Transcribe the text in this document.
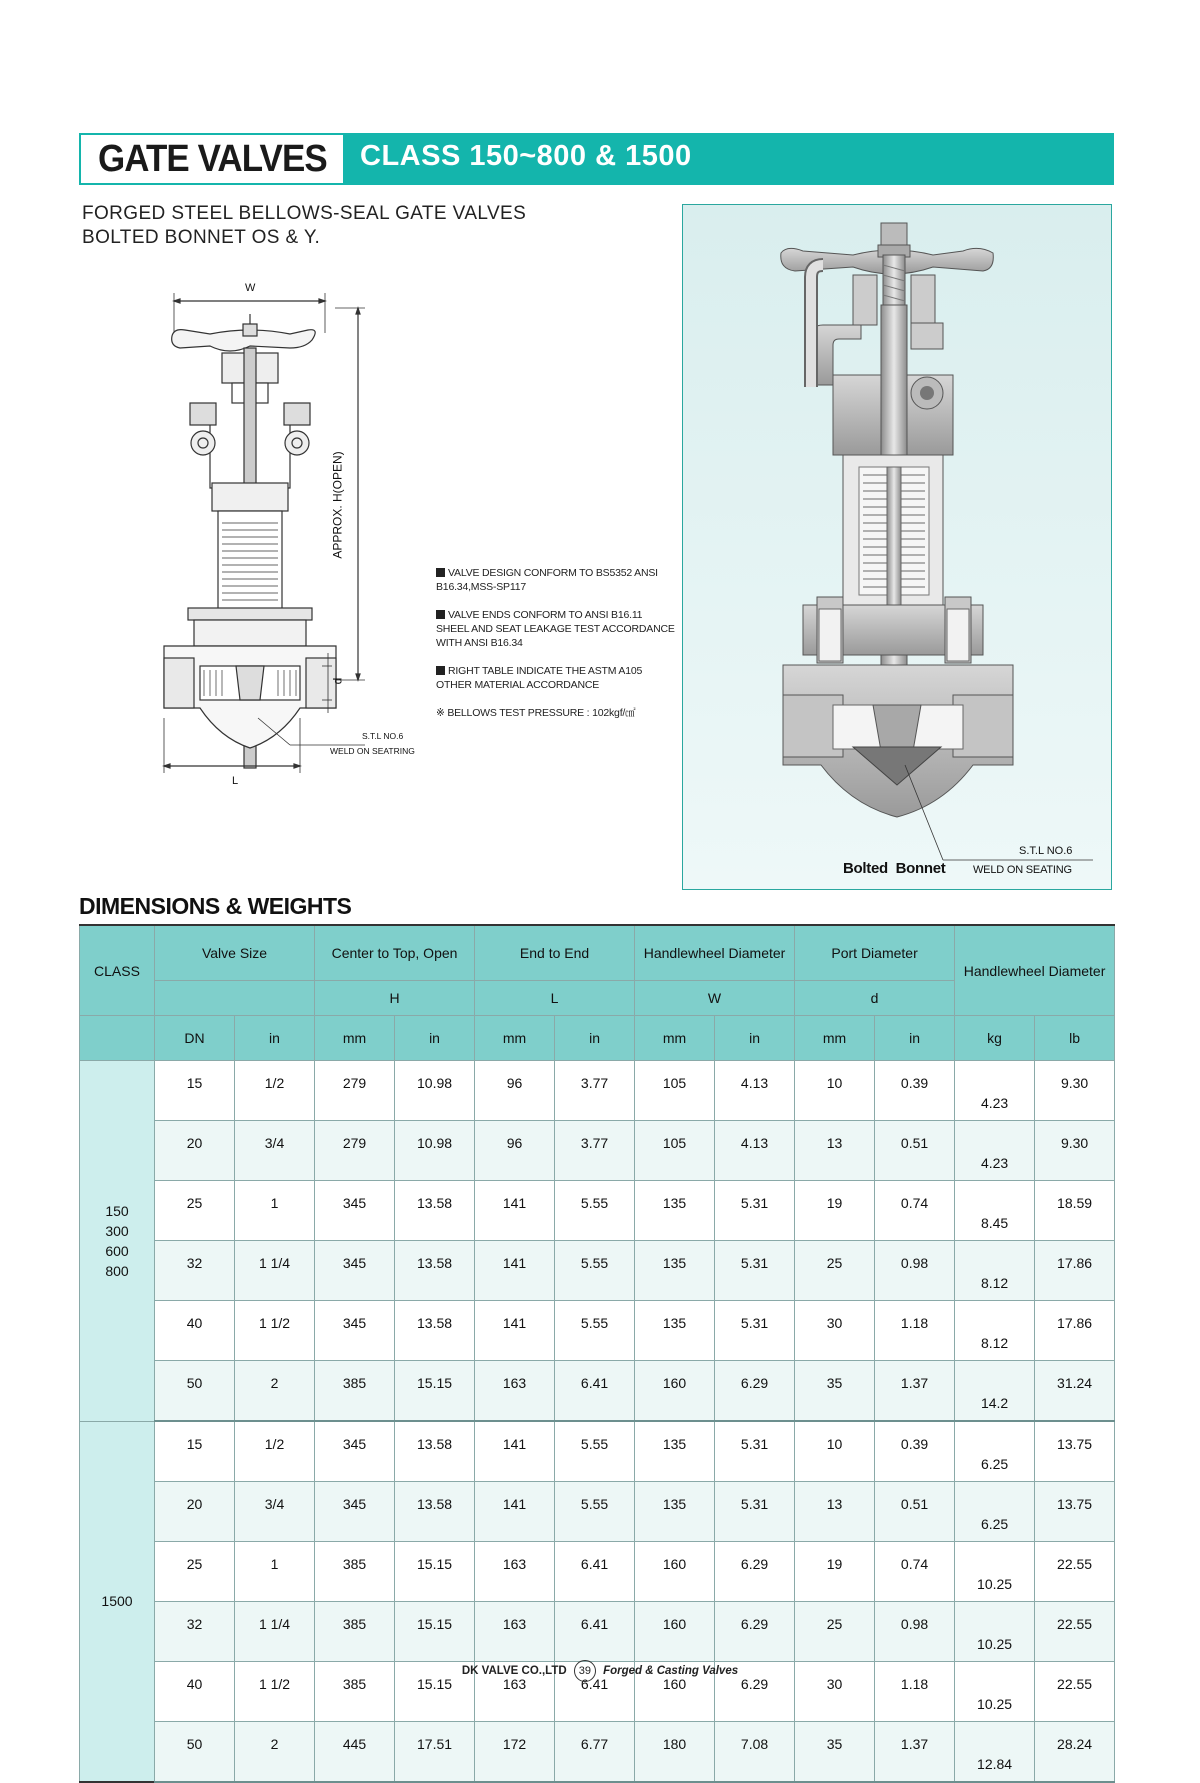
GATE VALVES CLASS 150~800 & 1500
FORGED STEEL BELLOWS-SEAL GATE VALVES
BOLTED BONNET OS & Y.
W
APPROX. H(OPEN)
d
L
S.T.L NO.6
WELD ON SEATRING
VALVE DESIGN CONFORM TO BS5352 ANSI B16.34,MSS-SP117
VALVE ENDS CONFORM TO ANSI B16.11 SHEEL AND SEAT LEAKAGE TEST ACCORDANCE WITH ANSI B16.34
RIGHT TABLE INDICATE THE ASTM A105 OTHER MATERIAL ACCORDANCE
※ BELLOWS TEST PRESSURE : 102kgf/㎠
S.T.L NO.6
WELD ON SEATING
Bolted  Bonnet
DIMENSIONS & WEIGHTS
CLASS	Valve Size		Center to Top, Open		End to End		Handlewheel Diameter		Port Diameter		Handlewheel Diameter	
			H		L		W		d			
	DN	in	mm	in	mm	in	mm	in	mm	in	kg	lb
150
300
600
800	15	1/2	279	10.98	96	3.77	105	4.13	10	0.39	4.23	9.30
	20	3/4	279	10.98	96	3.77	105	4.13	13	0.51	4.23	9.30
	25	1	345	13.58	141	5.55	135	5.31	19	0.74	8.45	18.59
	32	1 1/4	345	13.58	141	5.55	135	5.31	25	0.98	8.12	17.86
	40	1 1/2	345	13.58	141	5.55	135	5.31	30	1.18	8.12	17.86
	50	2	385	15.15	163	6.41	160	6.29	35	1.37	14.2	31.24
1500	15	1/2	345	13.58	141	5.55	135	5.31	10	0.39	6.25	13.75
	20	3/4	345	13.58	141	5.55	135	5.31	13	0.51	6.25	13.75
	25	1	385	15.15	163	6.41	160	6.29	19	0.74	10.25	22.55
	32	1 1/4	385	15.15	163	6.41	160	6.29	25	0.98	10.25	22.55
	40	1 1/2	385	15.15	163	6.41	160	6.29	30	1.18	10.25	22.55
	50	2	445	17.51	172	6.77	180	7.08	35	1.37	12.84	28.24
DK VALVE CO.,LTD 39 Forged & Casting Valves
